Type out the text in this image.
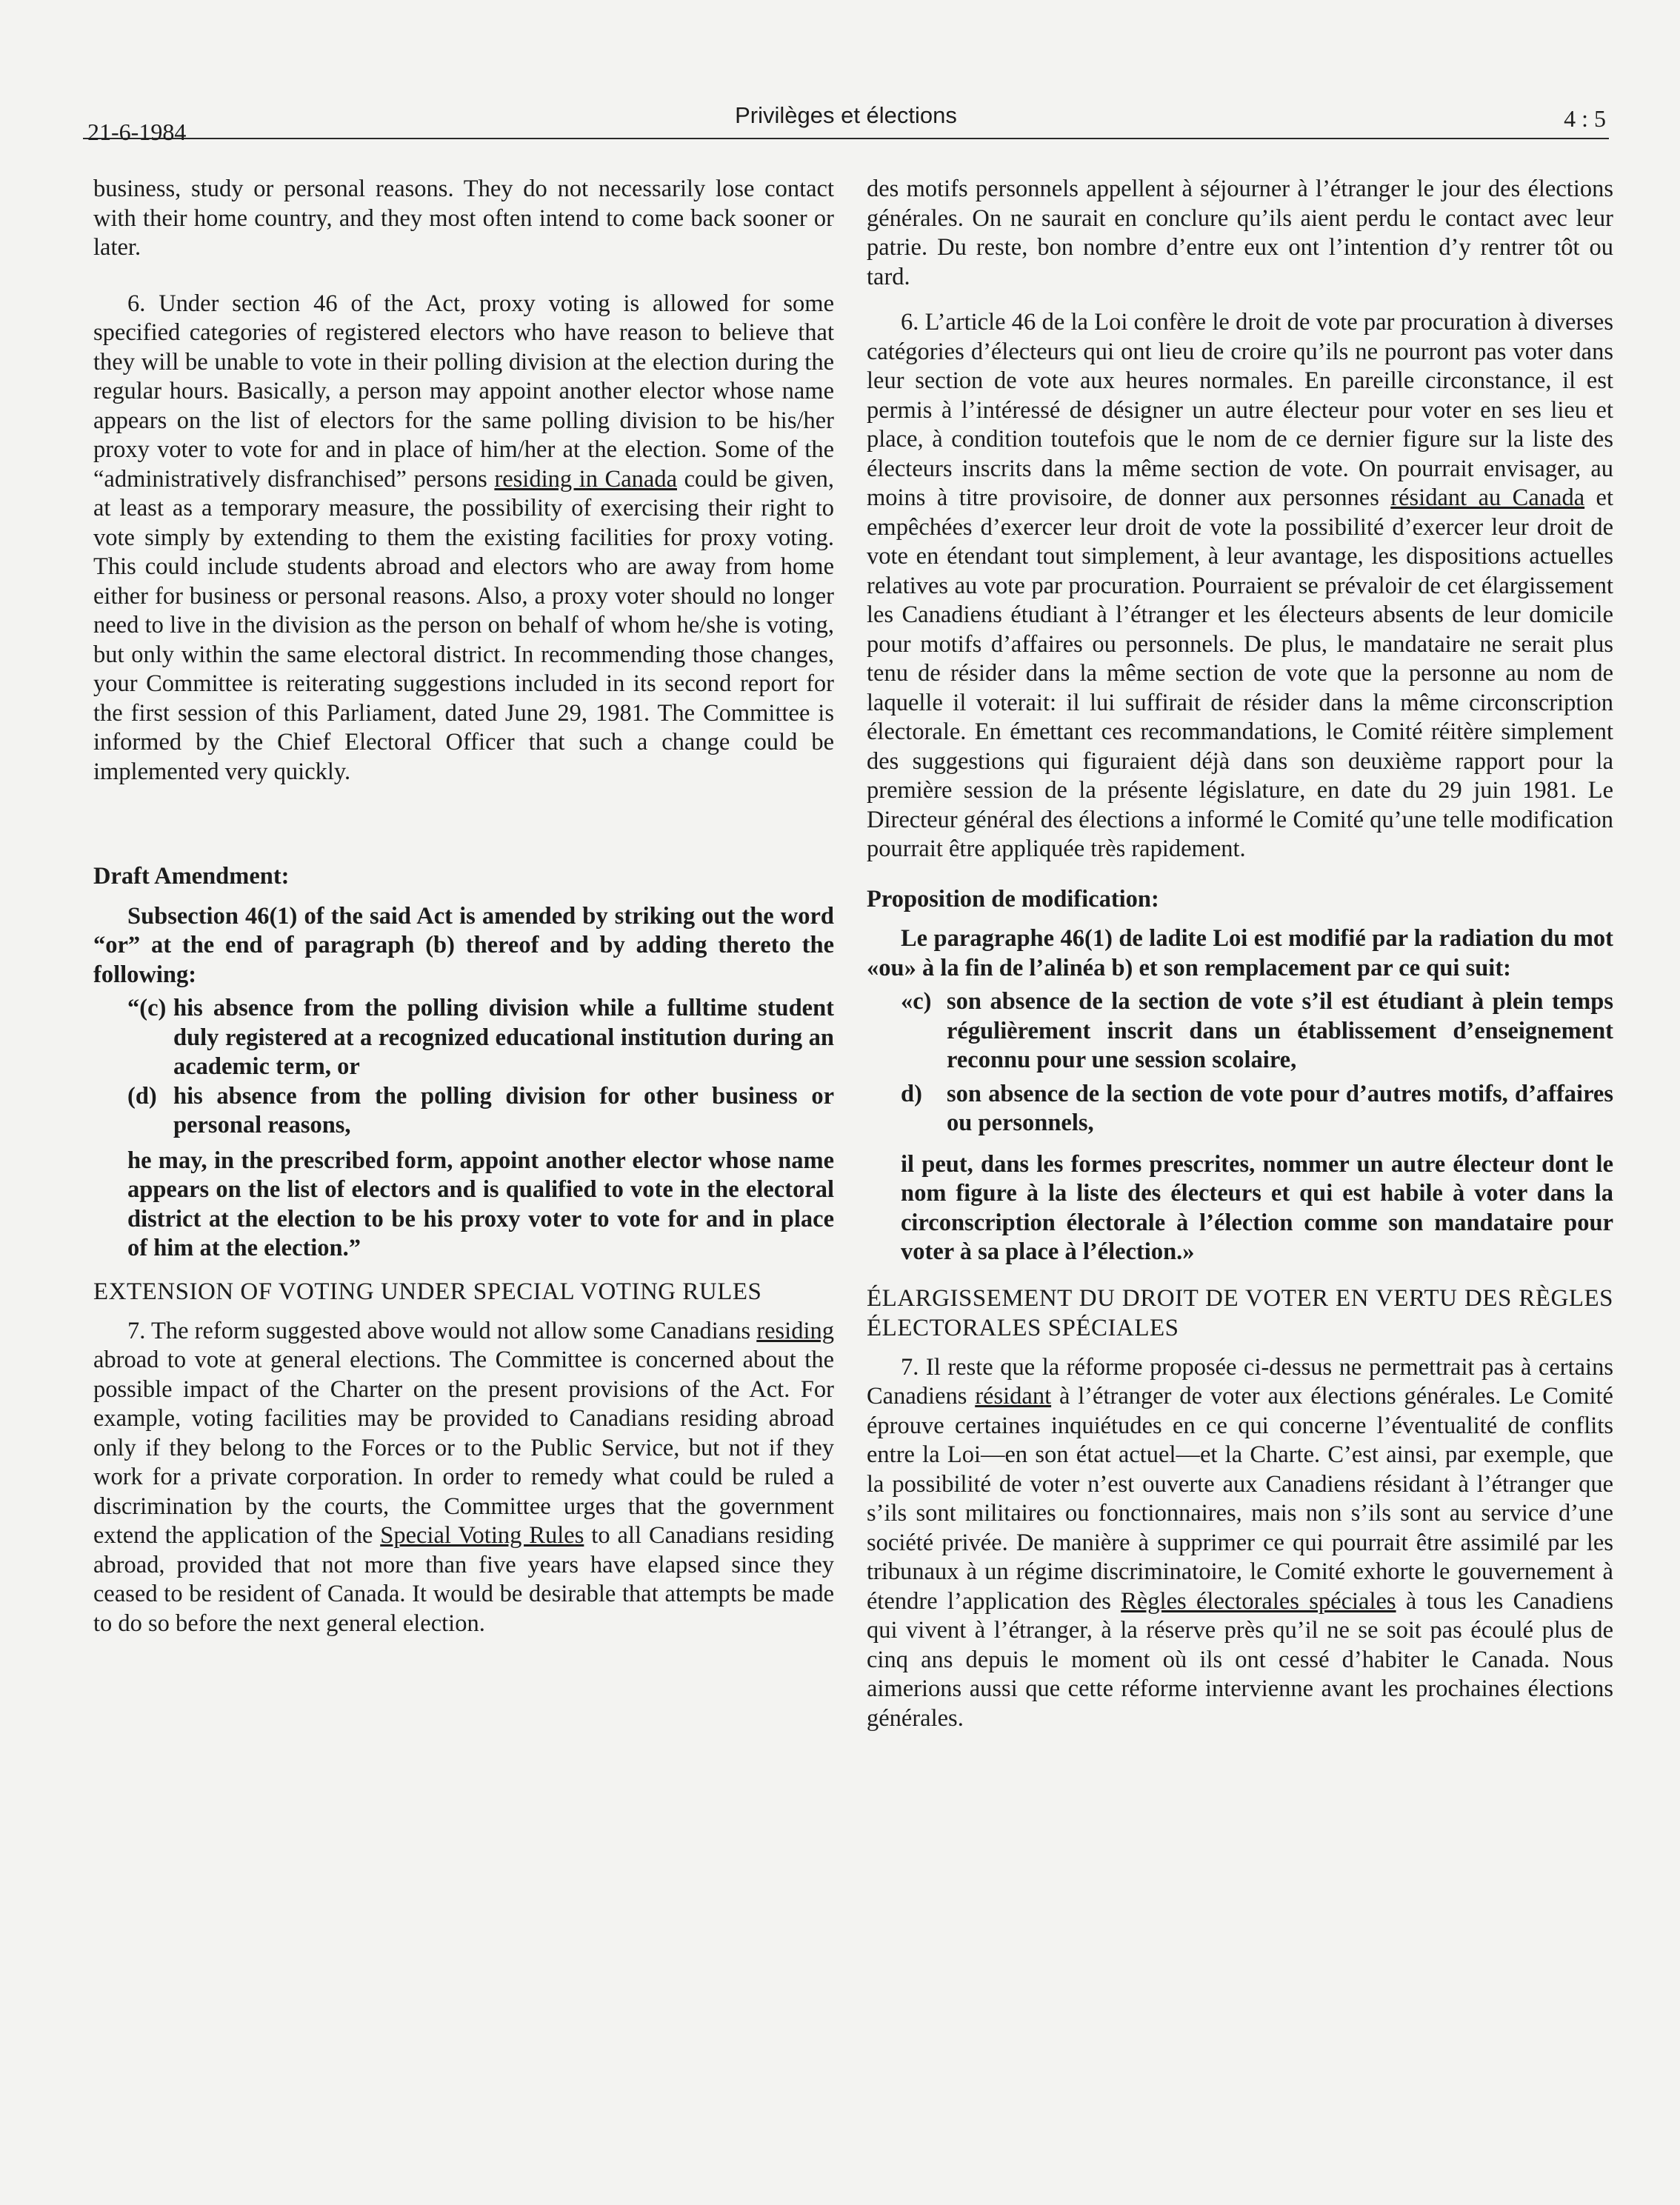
21-6-1984
Privilèges et élections	4 : 5

business, study or personal reasons. They do not necessarily lose contact with their home country, and they most often intend to come back sooner or later.

6. Under section 46 of the Act, proxy voting is allowed for some specified categories of registered electors who have reason to believe that they will be unable to vote in their polling division at the election during the regular hours. Basically, a person may appoint another elector whose name appears on the list of electors for the same polling division to be his/her proxy voter to vote for and in place of him/her at the election. Some of the “administratively disfranchised” persons residing in Canada could be given, at least as a temporary measure, the possibility of exercising their right to vote simply by extending to them the existing facilities for proxy voting. This could include students abroad and electors who are away from home either for business or personal reasons. Also, a proxy voter should no longer need to live in the division as the person on behalf of whom he/she is voting, but only within the same electoral district. In recommending those changes, your Committee is reiterating suggestions included in its second report for the first session of this Parliament, dated June 29, 1981. The Committee is informed by the Chief Electoral Officer that such a change could be implemented very quickly.

Draft Amendment:

Subsection 46(1) of the said Act is amended by striking out the word “or” at the end of paragraph (b) thereof and by adding thereto the following:

“(c) his absence from the polling division while a fulltime student duly registered at a recognized educational institution during an academic term, or
(d) his absence from the polling division for other business or personal reasons,

he may, in the prescribed form, appoint another elector whose name appears on the list of electors and is qualified to vote in the electoral district at the election to be his proxy voter to vote for and in place of him at the election.”

EXTENSION OF VOTING UNDER SPECIAL VOTING RULES

7. The reform suggested above would not allow some Canadians residing abroad to vote at general elections. The Committee is concerned about the possible impact of the Charter on the present provisions of the Act. For example, voting facilities may be provided to Canadians residing abroad only if they belong to the Forces or to the Public Service, but not if they work for a private corporation. In order to remedy what could be ruled a discrimination by the courts, the Committee urges that the government extend the application of the Special Voting Rules to all Canadians residing abroad, provided that not more than five years have elapsed since they ceased to be resident of Canada. It would be desirable that attempts be made to do so before the next general election.

des motifs personnels appellent à séjourner à l’étranger le jour des élections générales. On ne saurait en conclure qu’ils aient perdu le contact avec leur patrie. Du reste, bon nombre d’entre eux ont l’intention d’y rentrer tôt ou tard.

6. L’article 46 de la Loi confère le droit de vote par procuration à diverses catégories d’électeurs qui ont lieu de croire qu’ils ne pourront pas voter dans leur section de vote aux heures normales. En pareille circonstance, il est permis à l’intéressé de désigner un autre électeur pour voter en ses lieu et place, à condition toutefois que le nom de ce dernier figure sur la liste des électeurs inscrits dans la même section de vote. On pourrait envisager, au moins à titre provisoire, de donner aux personnes résidant au Canada et empêchées d’exercer leur droit de vote la possibilité d’exercer leur droit de vote en étendant tout simplement, à leur avantage, les dispositions actuelles relatives au vote par procuration. Pourraient se prévaloir de cet élargissement les Canadiens étudiant à l’étranger et les électeurs absents de leur domicile pour motifs d’affaires ou personnels. De plus, le mandataire ne serait plus tenu de résider dans la même section de vote que la personne au nom de laquelle il voterait: il lui suffirait de résider dans la même circonscription électorale. En émettant ces recommandations, le Comité réitère simplement des suggestions qui figuraient déjà dans son deuxième rapport pour la première session de la présente législature, en date du 29 juin 1981. Le Directeur général des élections a informé le Comité qu’une telle modification pourrait être appliquée très rapidement.

Proposition de modification:

Le paragraphe 46(1) de ladite Loi est modifié par la radiation du mot «ou» à la fin de l’alinéa b) et son remplacement par ce qui suit:

«c) son absence de la section de vote s’il est étudiant à plein temps régulièrement inscrit dans un établissement d’enseignement reconnu pour une session scolaire,
d)	son absence de la section de vote pour d’autres motifs, d’affaires ou personnels,

il peut, dans les formes prescrites, nommer un autre électeur dont le nom figure à la liste des électeurs et qui est habile à voter dans la circonscription électorale à l’élection comme son mandataire pour voter à sa place à l’élection.»

ÉLARGISSEMENT DU DROIT DE VOTER EN VERTU DES RÈGLES ÉLECTORALES SPÉCIALES

7. Il reste que la réforme proposée ci-dessus ne permettrait pas à certains Canadiens résidant à l’étranger de voter aux élections générales. Le Comité éprouve certaines inquiétudes en ce qui concerne l’éventualité de conflits entre la Loi—en son état actuel—et la Charte. C’est ainsi, par exemple, que la possibilité de voter n’est ouverte aux Canadiens résidant à l’étranger que s’ils sont militaires ou fonctionnaires, mais non s’ils sont au service d’une société privée. De manière à supprimer ce qui pourrait être assimilé par les tribunaux à un régime discriminatoire, le Comité exhorte le gouvernement à étendre l’application des Règles électorales spéciales à tous les Canadiens qui vivent à l’étranger, à la réserve près qu’il ne se soit pas écoulé plus de cinq ans depuis le moment où ils ont cessé d’habiter le Canada. Nous aimerions aussi que cette réforme intervienne avant les prochaines élections générales.
